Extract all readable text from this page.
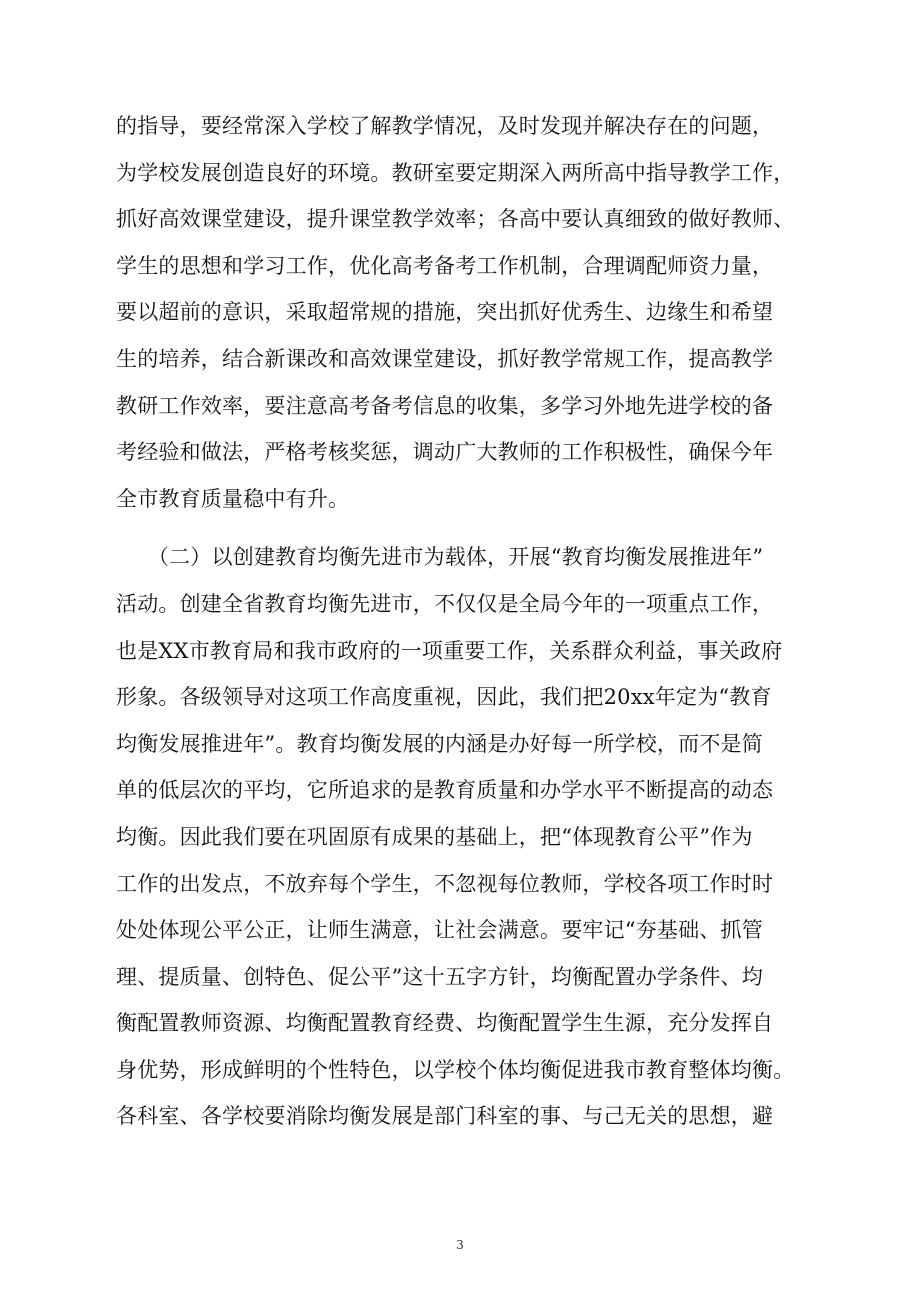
的指导，要经常深入学校了解教学情况，及时发现并解决存在的问题，
为学校发展创造良好的环境。教研室要定期深入两所高中指导教学工作，
抓好高效课堂建设，提升课堂教学效率；各高中要认真细致的做好教师、
学生的思想和学习工作，优化高考备考工作机制，合理调配师资力量，
要以超前的意识，采取超常规的措施，突出抓好优秀生、边缘生和希望
生的培养，结合新课改和高效课堂建设，抓好教学常规工作，提高教学
教研工作效率，要注意高考备考信息的收集，多学习外地先进学校的备
考经验和做法，严格考核奖惩，调动广大教师的工作积极性，确保今年
全市教育质量稳中有升。
　　（二）以创建教育均衡先进市为载体，开展“教育均衡发展推进年”
活动。创建全省教育均衡先进市，不仅仅是全局今年的一项重点工作，
也是XX市教育局和我市政府的一项重要工作，关系群众利益，事关政府
形象。各级领导对这项工作高度重视，因此，我们把20xx年定为“教育
均衡发展推进年”。教育均衡发展的内涵是办好每一所学校，而不是简
单的低层次的平均，它所追求的是教育质量和办学水平不断提高的动态
均衡。因此我们要在巩固原有成果的基础上，把“体现教育公平”作为
工作的出发点，不放弃每个学生，不忽视每位教师，学校各项工作时时
处处体现公平公正，让师生满意，让社会满意。要牢记“夯基础、抓管
理、提质量、创特色、促公平”这十五字方针，均衡配置办学条件、均
衡配置教师资源、均衡配置教育经费、均衡配置学生生源，充分发挥自
身优势，形成鲜明的个性特色，以学校个体均衡促进我市教育整体均衡。
各科室、各学校要消除均衡发展是部门科室的事、与己无关的思想，避
3
